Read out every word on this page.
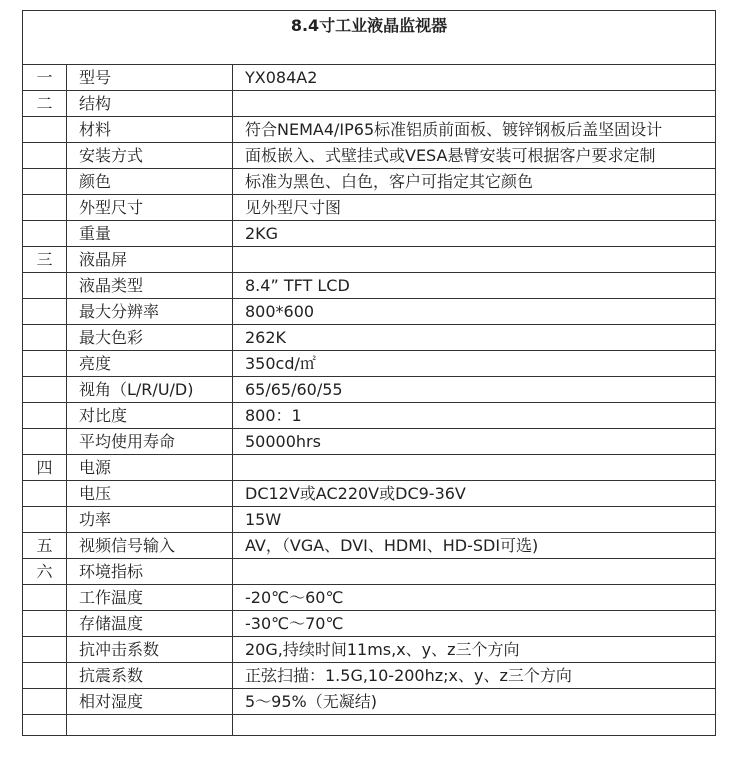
8.4寸工业液晶监视器		
一	型号	YX084A2
二	结构	
	材料	符合NEMA4/IP65标准铝质前面板、镀锌钢板后盖坚固设计
	安装方式	面板嵌入、式壁挂式或VESA悬臂安装可根据客户要求定制
	颜色	标准为黑色、白色，客户可指定其它颜色
	外型尺寸	见外型尺寸图
	重量	2KG
三	液晶屏	
	液晶类型	8.4” TFT LCD
	最大分辨率	800*600
	最大色彩	262K
	亮度	350cd/㎡
	视角（L/R/U/D)	65/65/60/55
	对比度	800：1
	平均使用寿命	50000hrs
四	电源	
	电压	DC12V或AC220V或DC9-36V
	功率	15W
五	视频信号输入	AV，（VGA、DVI、HDMI、HD-SDI可选)
六	环境指标	
	工作温度	-20℃～60℃
	存储温度	-30℃～70℃
	抗冲击系数	20G,持续时间11ms,x、y、z三个方向
	抗震系数	正弦扫描：1.5G,10-200hz;x、y、z三个方向
	相对湿度	5～95%（无凝结)
